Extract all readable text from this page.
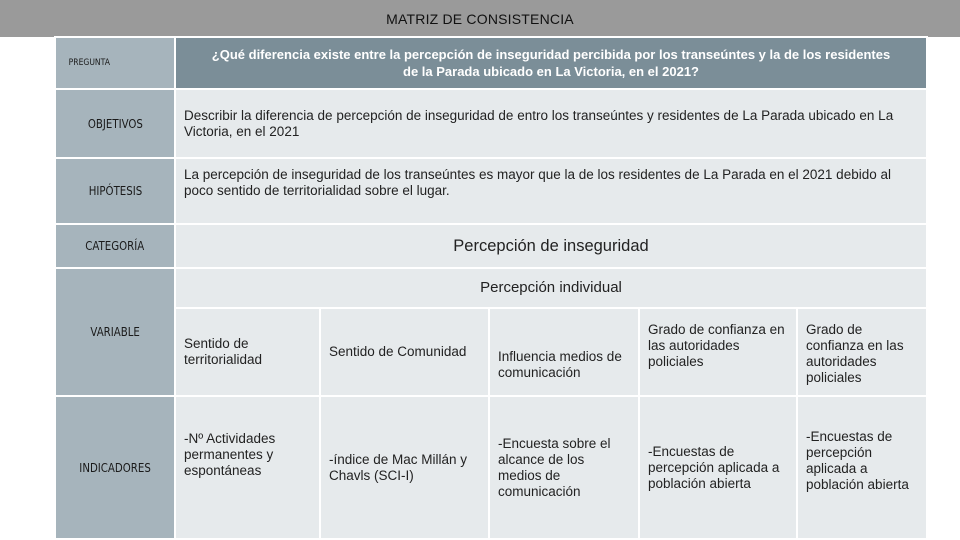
MATRIZ DE CONSISTENCIA
PREGUNTA
¿Qué diferencia existe entre la percepción de inseguridad percibida por los transeúntes y la de los residentes de la Parada ubicado en La Victoria, en el 2021?
OBJETIVOS
Describir la diferencia de percepción de inseguridad de entro los transeúntes y residentes de La Parada ubicado en La Victoria, en el 2021
HIPÓTESIS
La percepción de inseguridad de los transeúntes es mayor que la de los residentes de La Parada en el 2021 debido al poco sentido de territorialidad sobre el lugar.
CATEGORÍA	Percepción de inseguridad
VARIABLE
Percepción individual
Sentido de territorialidad
Sentido de Comunidad	Influencia medios de comunicación
Grado de confianza en las autoridades policiales
Grado de confianza en las autoridades policiales
INDICADORES
-Nº Actividades permanentes y espontáneas
-índice de Mac Millán y Chavls (SCI-I)
-Encuesta sobre el alcance de los medios de comunicación
-Encuestas de percepción aplicada a población abierta
-Encuestas de percepción aplicada a población abierta
